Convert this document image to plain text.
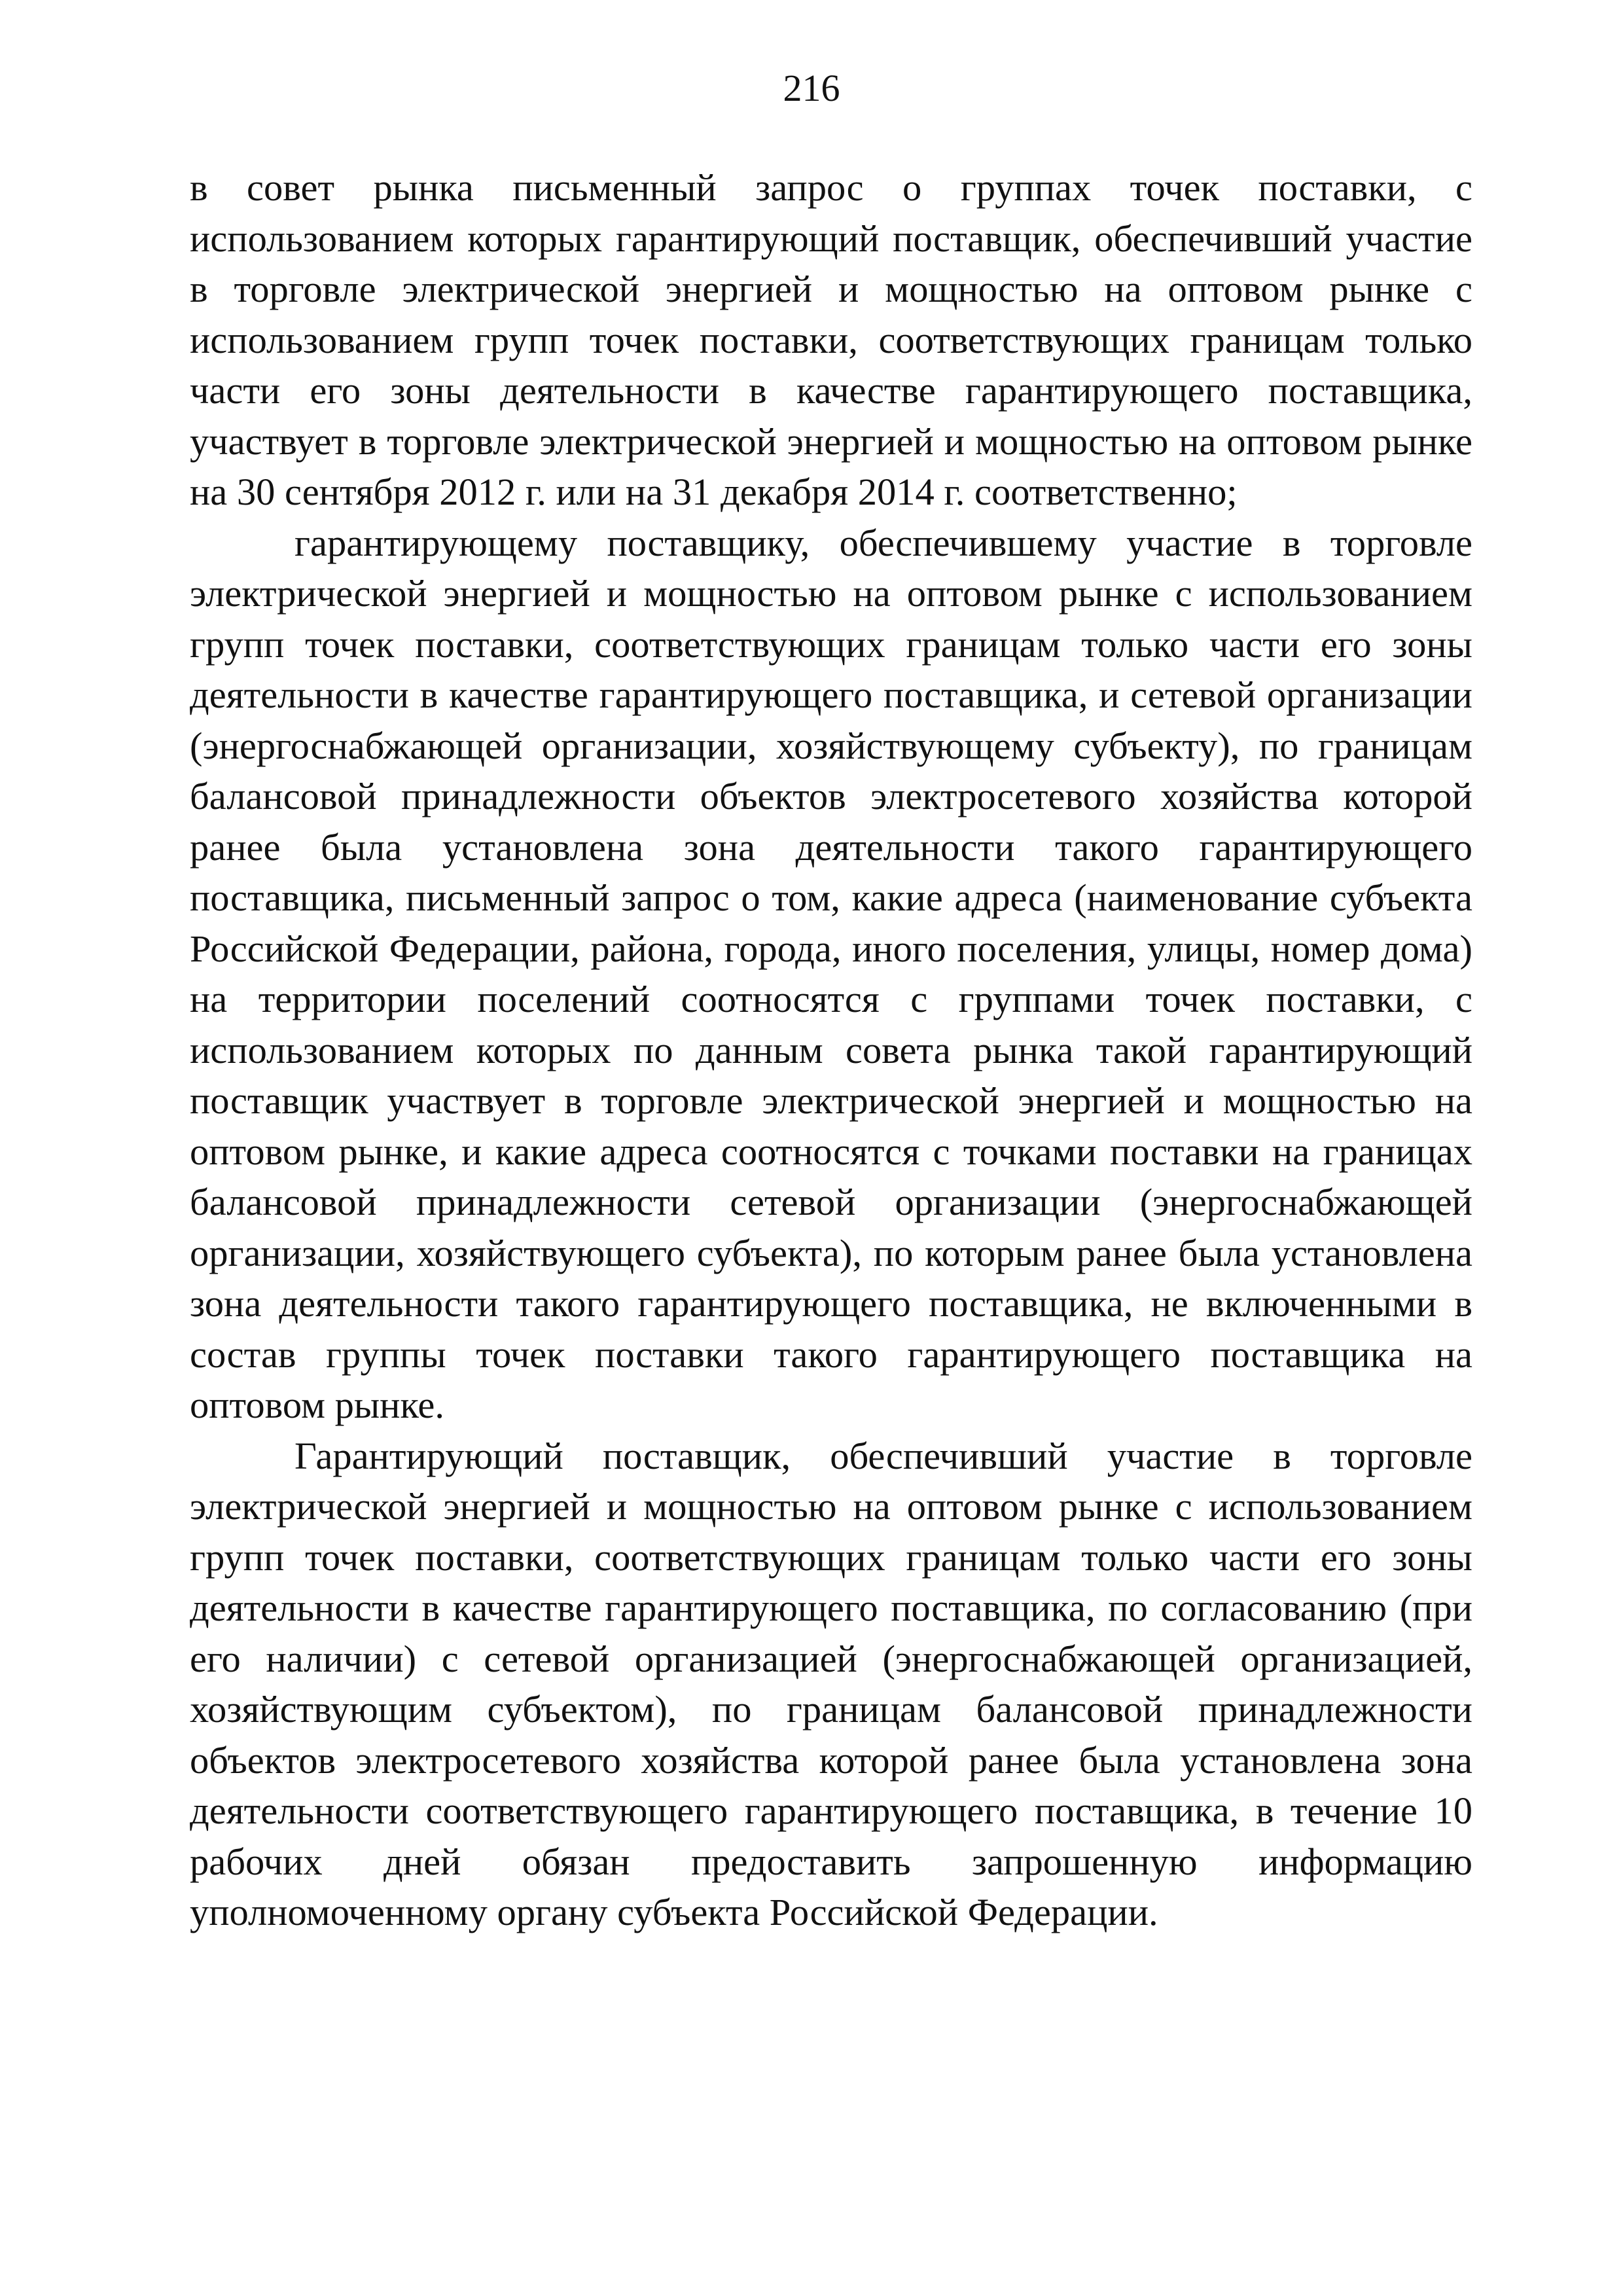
216

в совет рынка письменный запрос о группах точек поставки, с использованием которых гарантирующий поставщик, обеспечивший участие в торговле электрической энергией и мощностью на оптовом рынке с использованием групп точек поставки, соответствующих границам только части его зоны деятельности в качестве гарантирующего поставщика, участвует в торговле электрической энергией и мощностью на оптовом рынке на 30 сентября 2012 г. или на 31 декабря 2014 г. соответственно;

гарантирующему поставщику, обеспечившему участие в торговле электрической энергией и мощностью на оптовом рынке с использованием групп точек поставки, соответствующих границам только части его зоны деятельности в качестве гарантирующего поставщика, и сетевой организации (энергоснабжающей организации, хозяйствующему субъекту), по границам балансовой принадлежности объектов электросетевого хозяйства которой ранее была установлена зона деятельности такого гарантирующего поставщика, письменный запрос о том, какие адреса (наименование субъекта Российской Федерации, района, города, иного поселения, улицы, номер дома) на территории поселений соотносятся с группами точек поставки, с использованием которых по данным совета рынка такой гарантирующий поставщик участвует в торговле электрической энергией и мощностью на оптовом рынке, и какие адреса соотносятся с точками поставки на границах балансовой принадлежности сетевой организации (энергоснабжающей организации, хозяйствующего субъекта), по которым ранее была установлена зона деятельности такого гарантирующего поставщика, не включенными в состав группы точек поставки такого гарантирующего поставщика на оптовом рынке.

Гарантирующий поставщик, обеспечивший участие в торговле электрической энергией и мощностью на оптовом рынке с использованием групп точек поставки, соответствующих границам только части его зоны деятельности в качестве гарантирующего поставщика, по согласованию (при его наличии) с сетевой организацией (энергоснабжающей организацией, хозяйствующим субъектом), по границам балансовой принадлежности объектов электросетевого хозяйства которой ранее была установлена зона деятельности соответствующего гарантирующего поставщика, в течение 10 рабочих дней обязан предоставить запрошенную информацию уполномоченному органу субъекта Российской Федерации.
